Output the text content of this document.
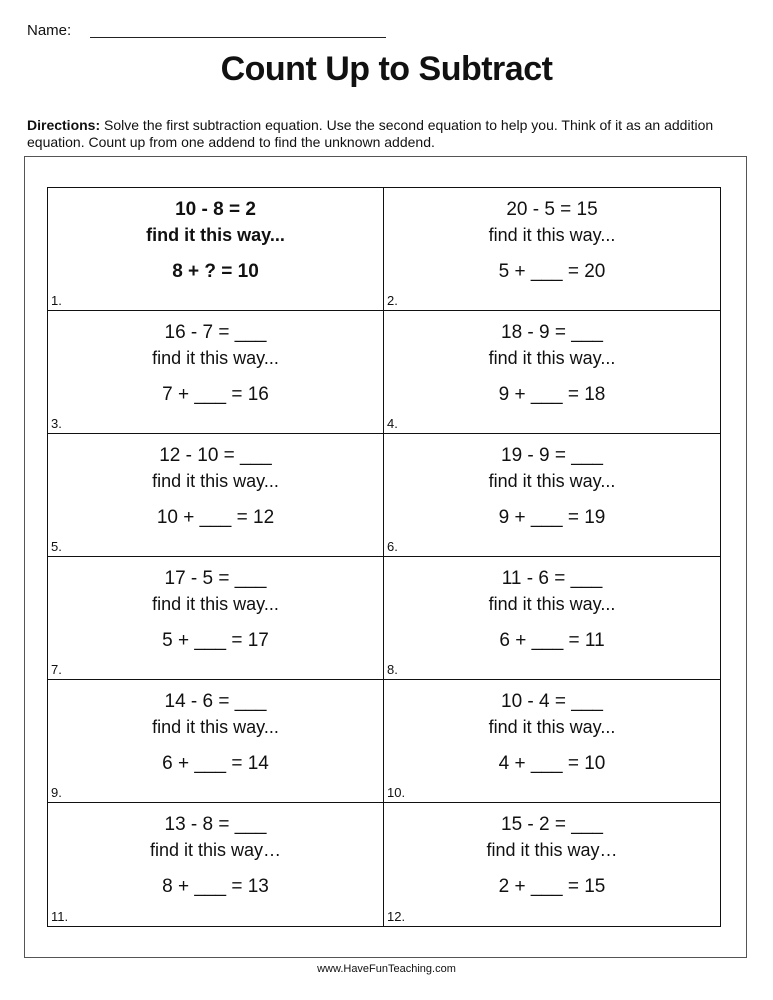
Name:
Count Up to Subtract
Directions: Solve the first subtraction equation. Use the second equation to help you. Think of it as an addition equation. Count up from one addend to find the unknown addend.
10 - 8 = 2
find it this way...
8 + ? = 10
1.
20 - 5 = 15
find it this way...
5 + ___ = 20
2.
16 - 7 = ___
find it this way...
7 + ___ = 16
3.
18 - 9 = ___
find it this way...
9 + ___ = 18
4.
12 - 10 = ___
find it this way...
10 + ___ = 12
5.
19 - 9 = ___
find it this way...
9 + ___ = 19
6.
17 - 5 = ___
find it this way...
5 + ___ = 17
7.
11 - 6 = ___
find it this way...
6 + ___ = 11
8.
14 - 6 = ___
find it this way...
6 + ___ = 14
9.
10 - 4 = ___
find it this way...
4 + ___ = 10
10.
13 - 8 = ___
find it this way…
8 + ___ = 13
11.
15 - 2 = ___
find it this way…
2 + ___ = 15
12.
www.HaveFunTeaching.com
